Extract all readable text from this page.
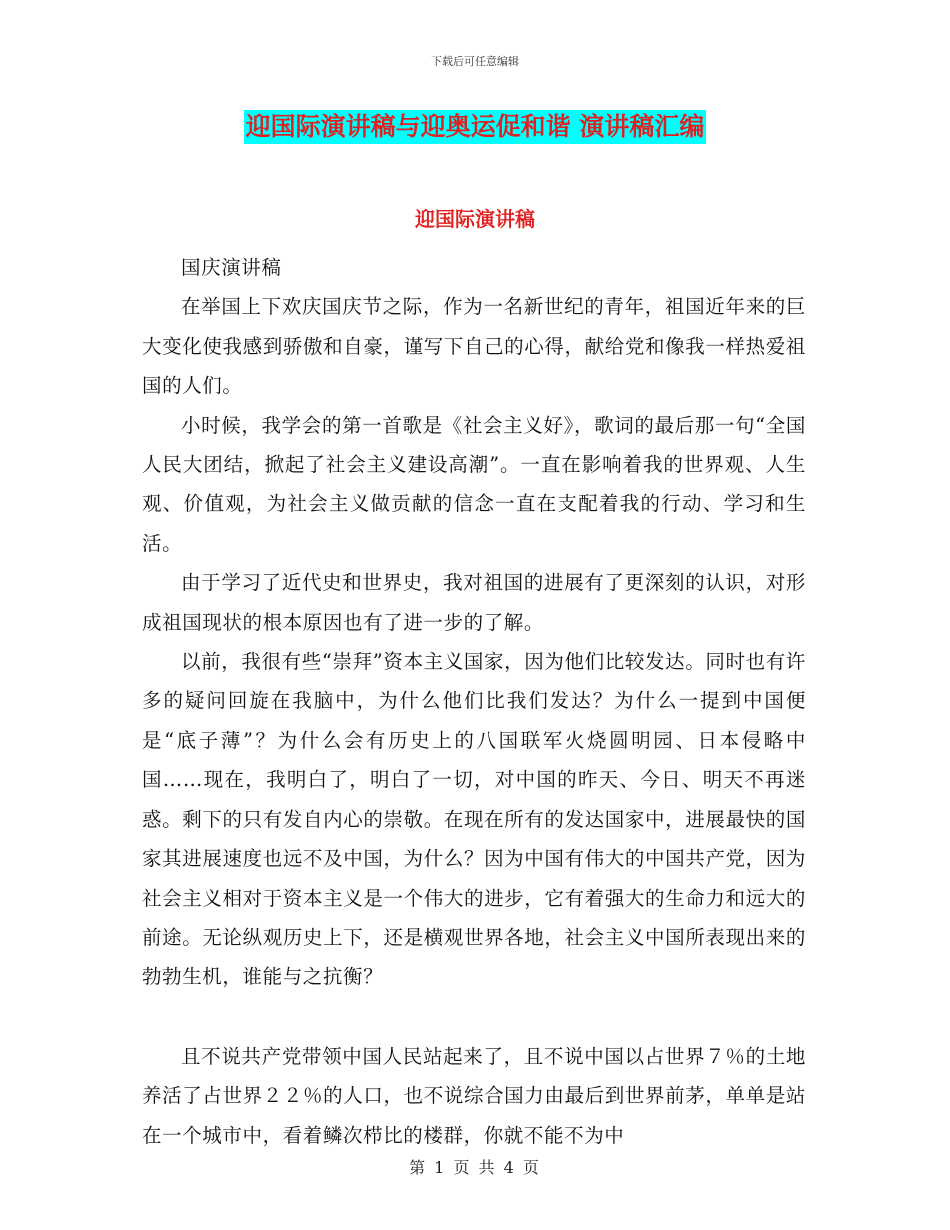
下载后可任意编辑
迎国际演讲稿与迎奥运促和谐 演讲稿汇编
迎国际演讲稿

国庆演讲稿

在举国上下欢庆国庆节之际，作为一名新世纪的青年，祖国近年来的巨大变化使我感到骄傲和自豪，谨写下自己的心得，献给党和像我一样热爱祖国的人们。

小时候，我学会的第一首歌是《社会主义好》，歌词的最后那一句“全国人民大团结，掀起了社会主义建设高潮”。一直在影响着我的世界观、人生观、价值观，为社会主义做贡献的信念一直在支配着我的行动、学习和生活。

由于学习了近代史和世界史，我对祖国的进展有了更深刻的认识，对形成祖国现状的根本原因也有了进一步的了解。

以前，我很有些“崇拜”资本主义国家，因为他们比较发达。同时也有许多的疑问回旋在我脑中，为什么他们比我们发达？为什么一提到中国便是“底子薄”？为什么会有历史上的八国联军火烧圆明园、日本侵略中国……现在，我明白了，明白了一切，对中国的昨天、今日、明天不再迷惑。剩下的只有发自内心的崇敬。在现在所有的发达国家中，进展最快的国家其进展速度也远不及中国，为什么？因为中国有伟大的中国共产党，因为社会主义相对于资本主义是一个伟大的进步，它有着强大的生命力和远大的前途。无论纵观历史上下，还是横观世界各地，社会主义中国所表现出来的勃勃生机，谁能与之抗衡？

且不说共产党带领中国人民站起来了，且不说中国以占世界７％的土地养活了占世界２２％的人口，也不说综合国力由最后到世界前茅，单单是站在一个城市中，看着鳞次栉比的楼群，你就不能不为中

第 1 页 共 4 页
